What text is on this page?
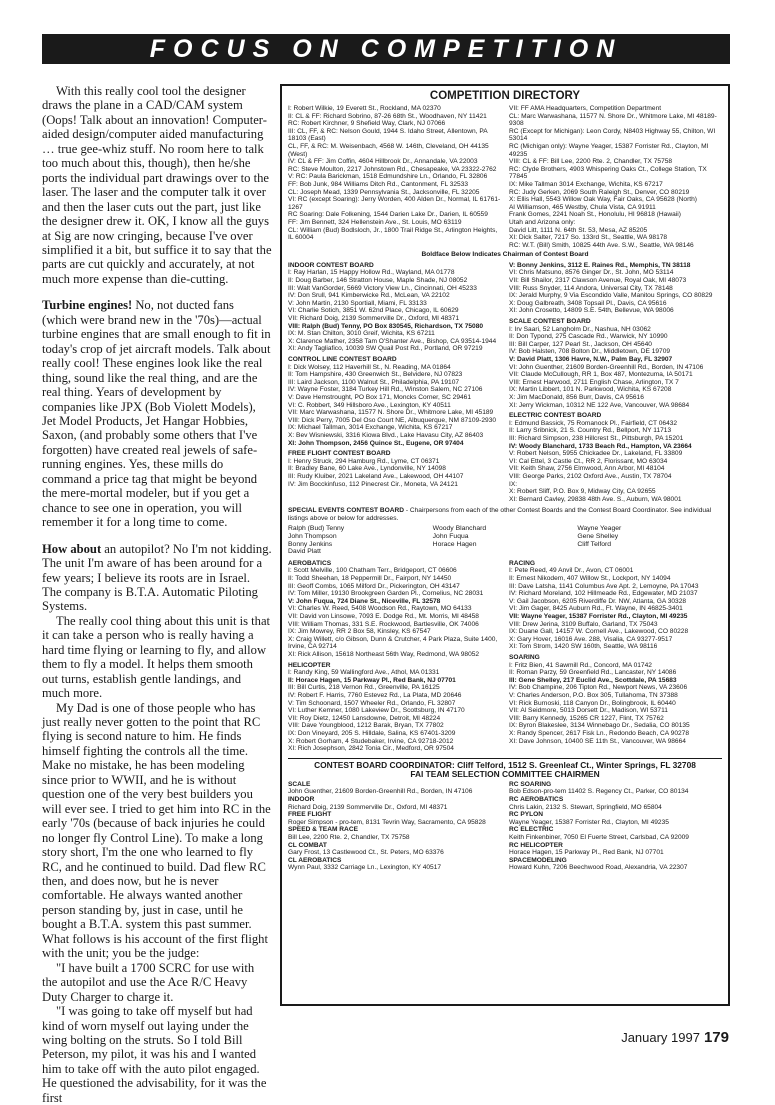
FOCUS ON COMPETITION

With this really cool tool the designer draws the plane in a CAD/CAM system (Oops! Talk about an innovation! Computer-aided design/computer aided manufacturing … true gee-whiz stuff. No room here to talk too much about this, though), then he/she ports the individual part drawings over to the laser. The laser and the computer talk it over and then the laser cuts out the part, just like the designer drew it. OK, I know all the guys at Sig are now cringing, because I've over simplified it a bit, but suffice it to say that the parts are cut quickly and accurately, at not much more expense than die-cutting.

Turbine engines! No, not ducted fans (which were brand new in the '70s)—actual turbine engines that are small enough to fit in today's crop of jet aircraft models. Talk about really cool! These engines look like the real thing, sound like the real thing, and are the real thing. Years of development by companies like JPX (Bob Violett Models), Jet Model Products, Jet Hangar Hobbies, Saxon, (and probably some others that I've forgotten) have created real jewels of safe-running engines. Yes, these mills do command a price tag that might be beyond the mere-mortal modeler, but if you get a chance to see one in operation, you will remember it for a long time to come.

How about an autopilot? No I'm not kidding. The unit I'm aware of has been around for a few years; I believe its roots are in Israel. The company is B.T.A. Automatic Piloting Systems.

The really cool thing about this unit is that it can take a person who is really having a hard time flying or learning to fly, and allow them to fly a model. It helps them smooth out turns, establish gentle landings, and much more.

My Dad is one of those people who has just really never gotten to the point that RC flying is second nature to him. He finds himself fighting the controls all the time. Make no mistake, he has been modeling since prior to WWII, and he is without question one of the very best builders you will ever see. I tried to get him into RC in the early '70s (because of back injuries he could no longer fly Control Line). To make a long story short, I'm the one who learned to fly RC, and he continued to build. Dad flew RC then, and does now, but he is never comfortable. He always wanted another person standing by, just in case, until he bought a B.T.A. system this past summer. What follows is his account of the first flight with the unit; you be the judge:

"I have built a 1700 SCRC for use with the autopilot and use the Ace R/C Heavy Duty Charger to charge it.

"I was going to take off myself but had kind of worn myself out laying under the wing bolting on the struts. So I told Bill Peterson, my pilot, it was his and I wanted him to take off with the auto pilot engaged. He questioned the advisability, for it was the first

COMPETITION DIRECTORY
I: Robert Wilkie, 19 Everett St., Rockland, MA 02370
II: CL & FF: Richard Sobrino, 87-26 68th St., Woodhaven, NY 11421
RC: Robert Kirchner, 9 Shefield Way, Clark, NJ 07066
III: CL, FF, & RC: Nelson Gould, 1944 S. Idaho Street, Allentown, PA 18103 (East)
CL, FF, & RC: M. Weisenbach, 4568 W. 146th, Cleveland, OH 44135 (West)
IV: CL & FF: Jim Coffin, 4604 Hillbrook Dr., Annandale, VA 22003
RC: Steve Moulton, 2217 Johnstown Rd., Chesapeake, VA 23322-2762
V: RC: Paula Barickman, 1518 Edmundshire Ln., Orlando, FL 32806
FF: Bob Junk, 984 Williams Ditch Rd., Cantonment, FL 32533
CL: Joseph Mead, 1339 Pennsylvania St., Jacksonville, FL 32205
VI: RC (except Soaring): Jerry Worden, 400 Alden Dr., Normal, IL 61761-1267
RC Soaring: Dale Folkening, 1544 Darien Lake Dr., Darien, IL 60559
FF: Jim Bennett, 324 Hellenstein Ave., St. Louis, MO 63119
CL: William (Bud) Bodlsloch, Jr., 1800 Trail Ridge St., Arlington Heights, IL 60004
VII: FF AMA Headquarters, Competition Department
CL: Marc Warwashana, 11577 N. Shore Dr., Whitmore Lake, MI 48189-9308
RC (Except for Michigan): Leon Cordy, N8403 Highway 55, Chilton, WI 53014
RC (Michigan only): Wayne Yeager, 15387 Forrister Rd., Clayton, MI 49235
VIII: CL & FF: Bill Lee, 2200 Rte. 2, Chandler, TX 75758
RC: Clyde Brothers, 4903 Whispering Oaks Ct., College Station, TX 77845
IX: Mike Tallman 3014 Exchange, Wichita, KS 67217
RC: Judy Gerken, 2069 South Raleigh St., Denver, CO 80219
X: Ellis Hall, 5543 Willow Oak Way, Fair Oaks, CA 95628 (North)
Al Williamson, 465 Westby, Chula Vista, CA 91911
Frank Gomes, 2241 Noah St., Honolulu, HI 96818 (Hawaii)
Utah and Arizona only:
David Litt, 1111 N. 64th St. 53, Mesa, AZ 85205
XI: Dick Salter, 7217 So. 133rd St., Seattle, WA 98178
RC: W.T. (Bill) Smith, 10825 44th Ave. S.W., Seattle, WA 98146
Boldface Below Indicates Chairman of Contest Board
INDOOR CONTEST BOARD
I: Ray Harlan, 15 Happy Hollow Rd., Wayland, MA 01778
II: Doug Barber, 146 Stratton House, Maple Shade, NJ 08052
III: Walt VanGorder, 5669 Victory View Ln., Cincinnati, OH 45233
IV: Don Srull, 941 Kimberwicke Rd., McLean, VA 22102
V: John Martin, 2130 Sportiall, Miami, FL 33133
VI: Charlie Sotich, 3851 W. 62nd Place, Chicago, IL 60629
VII: Richard Doig, 2139 Sommerville Dr., Oxford, MI 48371
VIII: Ralph (Bud) Tenny, PO Box 830545, Richardson, TX 75080
IX: M. Stan Chilton, 3010 Greif, Wichita, KS 67211
X: Clarence Mather, 2358 Tam O'Shanter Ave., Bishop, CA 93514-1944
XI: Andy Tagliafico, 10039 SW Quail Post Rd., Portland, OR 97219
CONTROL LINE CONTEST BOARD
I: Dick Wolsey, 112 Haverhill St., N. Reading, MA 01864
II: Tom Hampshire, 430 Greenwich St., Belvidere, NJ 07823
III: Laird Jackson, 1100 Walnut St., Philadelphia, PA 19107
IV: Wayne Foster, 3184 Turkey Hill Rd., Winston Salem, NC 27106
V: Dave Hemstrought, PO Box 171, Moncks Corner, SC 29461
VI: C. Robbert, 349 Hillsboro Ave., Lexington, KY 40511
VII: Marc Warwashana, 11577 N. Shore Dr., Whitmore Lake, MI 45189
VIII: Dick Perry, 7005 Del Oso Court NE, Albuquerque, NM 87109-2930
IX: Michael Tallman, 3014 Exchange, Wichita, KS 67217
X: Bev Wisniewski, 3316 Kiowa Blvd., Lake Havasu City, AZ 86403
XI: John Thompson, 2456 Quince St., Eugene, OR 97404
FREE FLIGHT CONTEST BOARD
I: Henry Struck, 294 Hamburg Rd., Lyme, CT 06371
II: Bradley Bane, 60 Lake Ave., Lyndonville, NY 14098
III: Rudy Kluiber, 2021 Lakeland Ave., Lakewood, OH 44107
IV: Jim Bocckinfuso, 112 Pinecrest Cir., Moneta, VA 24121
V: Bonny Jenkins, 3112 E. Raines Rd., Memphis, TN 38118
VI: Chris Matsuno, 8576 Ginger Dr., St. John, MO 53114
VII: Bill Shailor, 2317 Clawson Avenue, Royal Oak, MI 48073
VIII: Russ Snyder, 114 Andora, Universal City, TX 78148
IX: Jerald Murphy, 9 Via Escondido Valle, Manitou Springs, CO 80829
X: Doug Galbreath, 3408 Topsail Pl., Davis, CA 95616
XI: John Crosetto, 14809 S.E. 54th, Bellevue, WA 98006
SCALE CONTEST BOARD
I: Irv Saari, 52 Langholm Dr., Nashua, NH 03062
II: Don Typond, 275 Cascade Rd., Warwick, NY 10990
III: Bill Carper, 127 Pearl St., Jackson, OH 45640
IV: Bob Halsten, 708 Bolton Dr., Middletown, DE 19709
V: David Platt, 1306 Havre, N.W., Palm Bay, FL 32907
VI: John Guenther, 21609 Borden-Greenhill Rd., Borden, IN 47106
VII: Claude McCullough, RR 1, Box 487, Montezuma, IA 50171
VIII: Ernest Harwood, 2711 English Chase, Arlington, TX 7
IX: Martin Libbert, 101 N. Parkwood, Wichita, KS 67208
X: Jim MacDonald, 856 Burr, Davis, CA 95616
XI: Jerry Wickman, 10312 NE 122 Ave, Vancouver, WA 98684
ELECTRIC CONTEST BOARD
I: Edmund Bassick, 75 Romanock Pl., Fairfield, CT 06432
II: Larry Sribnick, 21 S. Country Rd., Bellport, NY 11713
III: Richard Simpson, 238 Hillcrest St., Pittsburgh, PA 15201
IV: Woody Blanchard, 1733 Beach Rd., Hampton, VA 23664
V: Robert Nelson, 5955 Chickadee Dr., Lakeland, FL 33809
VI: Cal Ettel, 3 Castle Ct., RR 2, Florissant, MO 63034
VII: Keith Shaw, 2756 Elmwood, Ann Arbor, MI 48104
VIII: George Parks, 2102 Oxford Ave., Austin, TX 78704
IX:
X: Robert Sliff, P.O. Box 9, Midway City, CA 92655
XI: Bernard Cavley, 29838 48th Ave. S., Auburn, WA 98001
SPECIAL EVENTS CONTEST BOARD - Chairpersons from each of the other Contest Boards and the Contest Board Coordinator. See individual listings above or below for addresses.
Ralph (Bud) Tenny	Woody Blanchard	Wayne Yeager
John Thompson	John Fuqua	Gene Shelley
Bonny Jenkins	Horace Hagen	Cliff Telford
David Platt
AEROBATICS
I: Scott Melville, 100 Chatham Terr., Bridgeport, CT 06606
II: Todd Sheehan, 18 Peppermill Dr., Fairport, NY 14450
III: Geoff Combs, 1065 Milford Dr., Pickerington, OH 43147
IV: Tom Miller, 19130 Brookgreen Garden Pl., Cornelius, NC 28031
V: John Fuqua, 724 Diane St., Niceville, FL 32578
VI: Charles W. Reed, 5408 Woodson Rd., Raytown, MO 64133
VII: David von Linsowe, 7093 E. Dodge Rd., Mt. Morris, MI 48458
VIII: William Thomas, 331 S.E. Rockwood, Bartlesville, OK 74006
IX: Jim Mowrey, RR 2 Box 58, Kinsley, KS 67547
X: Craig Willett, c/o Gibson, Dunn & Crutcher, 4 Park Plaza, Suite 1400, Irvine, CA 92714
XI: Rick Allison, 15618 Northeast 56th Way, Redmond, WA 98052
HELICOPTER
I: Randy King, 59 Wallingford Ave., Athol, MA 01331
II: Horace Hagen, 15 Parkway Pl., Red Bank, NJ 07701
III: Bill Curtis, 218 Vernon Rd., Greenville, PA 16125
IV: Robert F. Harris, 7760 Estevez Rd., La Plata, MD 20646
V: Tim Schoonard, 1507 Wheeler Rd., Orlando, FL 32807
VI: Luther Kemner, 1080 Lakeview Dr., Scottsburg, IN 47170
VII: Roy Dietz, 12450 Lansdowne, Detroit, MI 48224
VIII: Dave Youngblood, 1212 Barak, Bryan, TX 77802
IX: Don Vineyard, 205 S. Hilldale, Salina, KS 67401-3209
X: Robert Gorham, 4 Studebaker, Irvine, CA 92718-2012
XI: Rich Josephson, 2842 Tonia Cir., Medford, OR 97504
RACING
I: Pete Reed, 49 Anvil Dr., Avon, CT 06001
II: Ernest Nikodem, 407 Willow St., Lockport, NY 14094
III: Dave Latsha, 1141 Columbus Ave Apt. 2, Lemoyne, PA 17043
IV: Richard Moreland, 102 Hillmeade Rd., Edgewater, MD 21037
V: Gail Jacobson, 6205 Riverdiffe Dr. NW, Atlanta, GA 30328
VI: Jim Gager, 8425 Auburn Rd., Ft. Wayne, IN 46825-3401
VII: Wayne Yeager, 15387 Forrister Rd., Clayton, MI 49235
VIII: Drew Jerina, 3109 Buffalo, Garland, TX 75043
IX: Duane Gall, 14157 W. Cornell Ave., Lakewood, CO 80228
X: Gary Hover, 16016 Ave. 288, Visalia, CA 93277-9517
XI: Tom Strom, 1420 SW 160th, Seattle, WA 98116
SOARING
I: Fritz Bien, 41 Sawmill Rd., Concord, MA 01742
II: Roman Parzy, 59 Greenfield Rd., Lancaster, NY 14086
III: Gene Shelley, 217 Euclid Ave., Scottdale, PA 15683
IV: Bob Champine, 206 Tipton Rd., Newport News, VA 23606
V: Charles Anderson, P.O. Box 305, Tullahoma, TN 37388
VI: Rick Burnoski, 118 Canyon Dr., Bolingbrook, IL 60440
VII: Al Seidmore, 5013 Dorsett Dr., Madison, WI 53711
VIII: Barry Kennedy, 15265 CR 1227, Flint, TX 75762
IX: Byron Blakeslee, 3134 Winnebago Dr., Sedalia, CO 80135
X: Randy Spencer, 2617 Fisk Ln., Redondo Beach, CA 90278
XI: Dave Johnson, 10400 SE 11th St., Vancouver, WA 98664
CONTEST BOARD COORDINATOR: Cliff Telford, 1512 S. Greenleaf Ct., Winter Springs, FL 32708
FAI TEAM SELECTION COMMITTEE CHAIRMEN
SCALE
John Guenther, 21609 Borden-Greenhill Rd., Borden, IN 47106
INDOOR
Richard Doig, 2139 Sommerville Dr., Oxford, MI 48371
FREE FLIGHT
Roger Simpson - pro-tem, 8131 Tevrin Way, Sacramento, CA 95828
SPEED & TEAM RACE
Bill Lee, 2200 Rte. 2, Chandler, TX 75758
CL COMBAT
Gary Frost, 13 Castlewood Ct., St. Peters, MO 63376
CL AEROBATICS
Wynn Paul, 3332 Carriage Ln., Lexington, KY 40517
RC SOARING
Bob Edson-pro-tem 11402 S. Regency Ct., Parker, CO 80134
RC AEROBATICS
Chris Lakin, 2132 S. Stewart, Springfield, MO 65804
RC PYLON
Wayne Yeager, 15387 Forrister Rd., Clayton, MI 49235
RC ELECTRIC
Keith Finkenbiner, 7050 El Fuerte Street, Carlsbad, CA 92009
RC HELICOPTER
Horace Hagen, 15 Parkway Pl., Red Bank, NJ 07701
SPACEMODELING
Howard Kuhn, 7206 Beechwood Road, Alexandria, VA 22307
January 1997 179
